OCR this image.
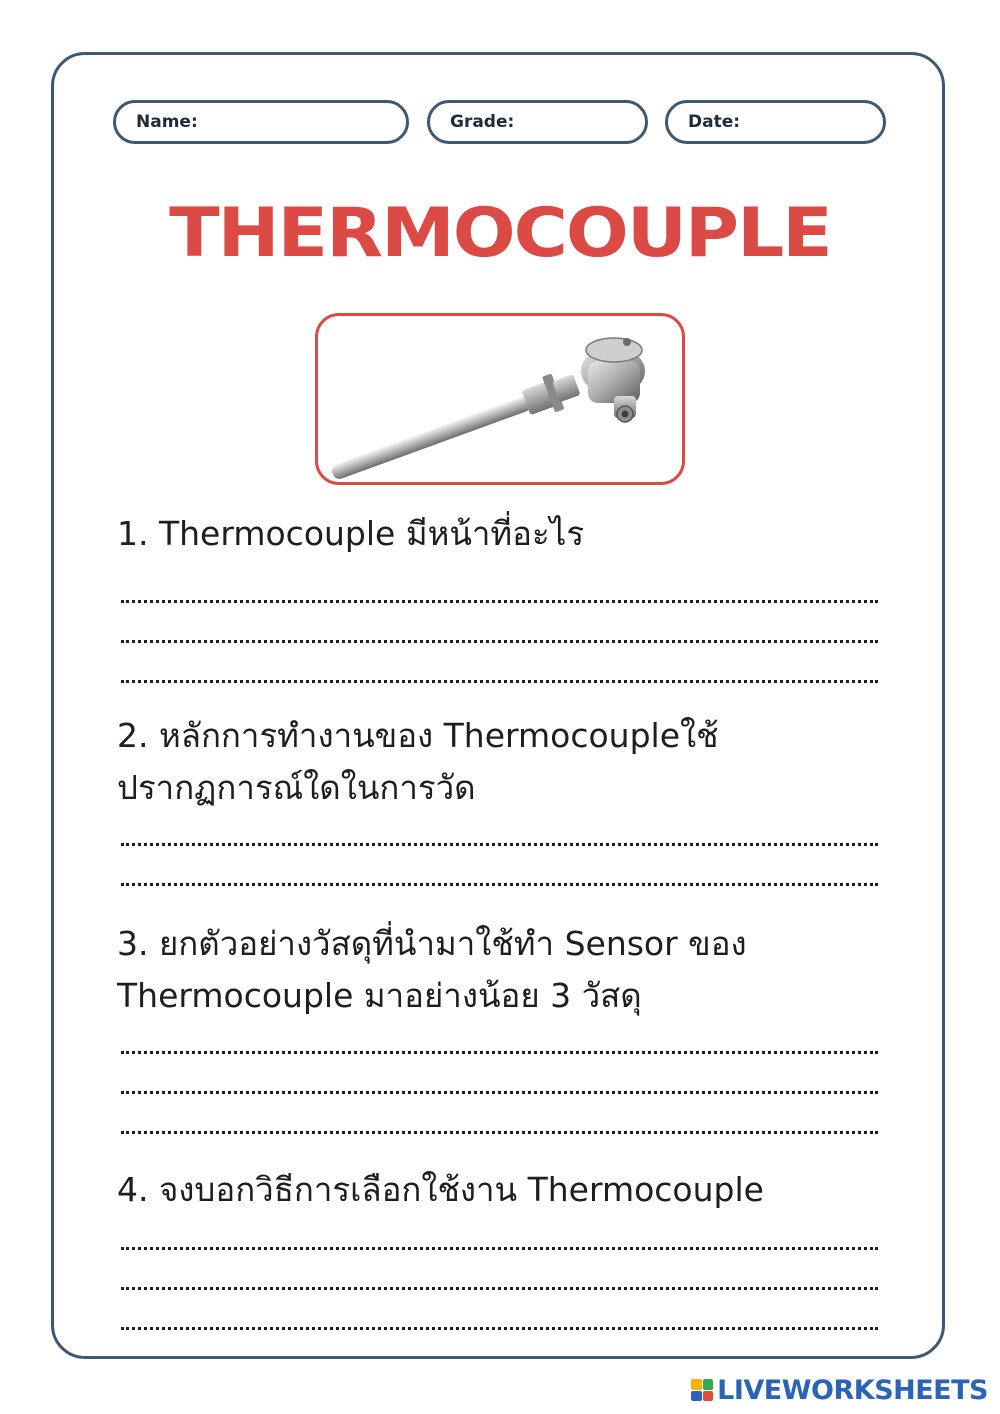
Name:	Grade:	Date:
THERMOCOUPLE
1. Thermocouple มีหน้าที่อะไร
2. หลักการทำงานของ Thermocoupleใช้
ปรากฏการณ์ใดในการวัด
3. ยกตัวอย่างวัสดุที่นำมาใช้ทำ Sensor ของ
Thermocouple มาอย่างน้อย 3 วัสดุ
4. จงบอกวิธีการเลือกใช้งาน Thermocouple
LIVEWORKSHEETS
